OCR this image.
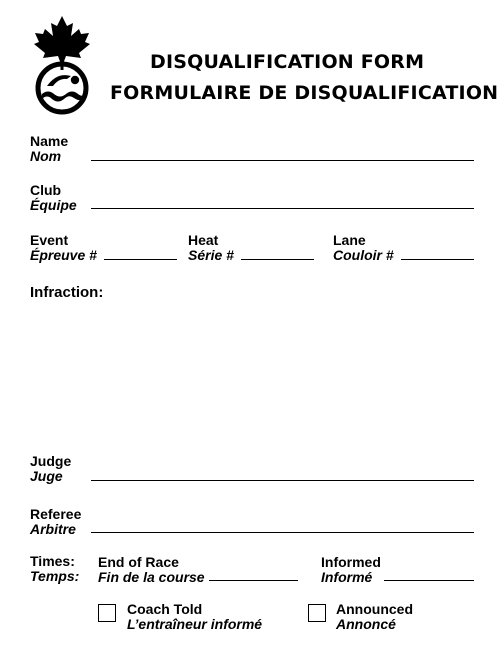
DISQUALIFICATION FORM
FORMULAIRE DE DISQUALIFICATION
Name
Nom
Club
Équipe
Event
Épreuve #
Heat
Série #
Lane
Couloir #
Infraction:
Judge
Juge
Referee
Arbitre
Times:
Temps:
End of Race
Fin de la course
Informed
Informé
Coach Told
L’entraîneur informé
Announced
Annoncé
